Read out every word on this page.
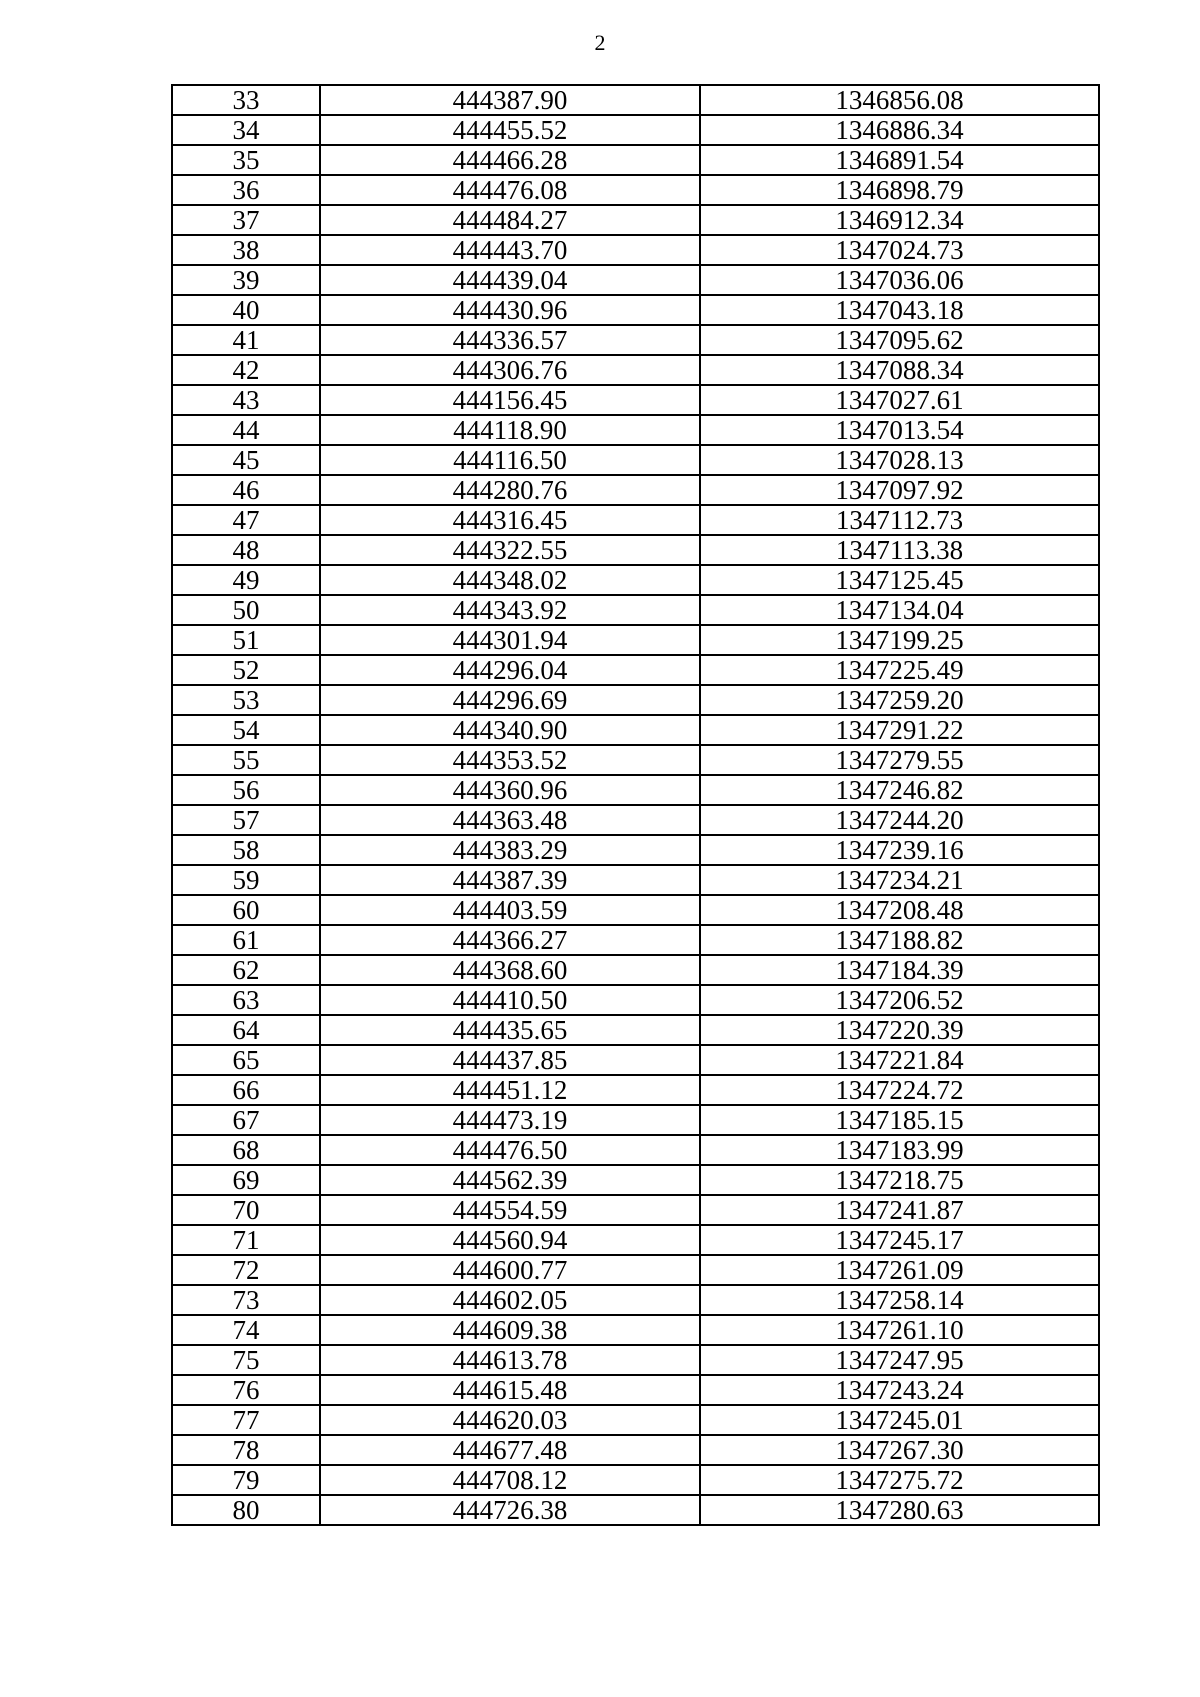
2
33	444387.90	1346856.08
34	444455.52	1346886.34
35	444466.28	1346891.54
36	444476.08	1346898.79
37	444484.27	1346912.34
38	444443.70	1347024.73
39	444439.04	1347036.06
40	444430.96	1347043.18
41	444336.57	1347095.62
42	444306.76	1347088.34
43	444156.45	1347027.61
44	444118.90	1347013.54
45	444116.50	1347028.13
46	444280.76	1347097.92
47	444316.45	1347112.73
48	444322.55	1347113.38
49	444348.02	1347125.45
50	444343.92	1347134.04
51	444301.94	1347199.25
52	444296.04	1347225.49
53	444296.69	1347259.20
54	444340.90	1347291.22
55	444353.52	1347279.55
56	444360.96	1347246.82
57	444363.48	1347244.20
58	444383.29	1347239.16
59	444387.39	1347234.21
60	444403.59	1347208.48
61	444366.27	1347188.82
62	444368.60	1347184.39
63	444410.50	1347206.52
64	444435.65	1347220.39
65	444437.85	1347221.84
66	444451.12	1347224.72
67	444473.19	1347185.15
68	444476.50	1347183.99
69	444562.39	1347218.75
70	444554.59	1347241.87
71	444560.94	1347245.17
72	444600.77	1347261.09
73	444602.05	1347258.14
74	444609.38	1347261.10
75	444613.78	1347247.95
76	444615.48	1347243.24
77	444620.03	1347245.01
78	444677.48	1347267.30
79	444708.12	1347275.72
80	444726.38	1347280.63
